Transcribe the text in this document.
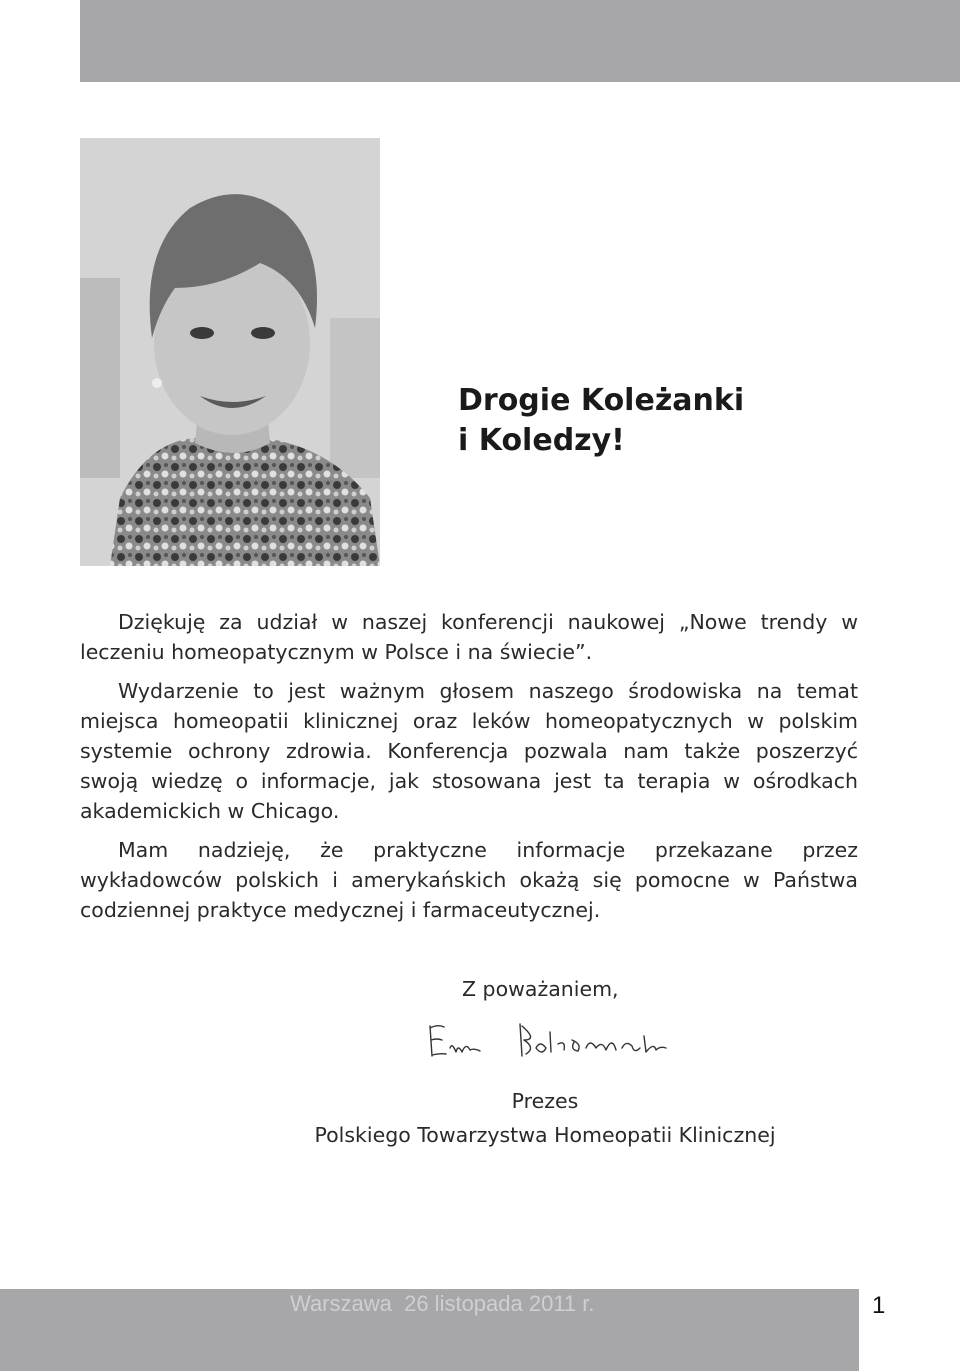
Drogie Koleżanki
i Koledzy!

Dziękuję za udział w naszej konferencji naukowej „Nowe trendy w leczeniu homeopatycznym w Polsce i na świecie”.

Wydarzenie to jest ważnym głosem naszego środowiska na temat miejsca homeopatii klinicznej oraz leków homeopatycznych w polskim systemie ochrony zdrowia. Konferencja pozwala nam także poszerzyć swoją wiedzę o informacje, jak stosowana jest ta terapia w ośrodkach akademickich w Chicago.

Mam nadzieję, że praktyczne informacje przekazane przez wykładowców polskich i amerykańskich okażą się pomocne w Państwa codziennej praktyce medycznej i farmaceutycznej.

Z poważaniem,
Prezes
Polskiego Towarzystwa Homeopatii Klinicznej
Warszawa  26 listopada 2011 r.	1
